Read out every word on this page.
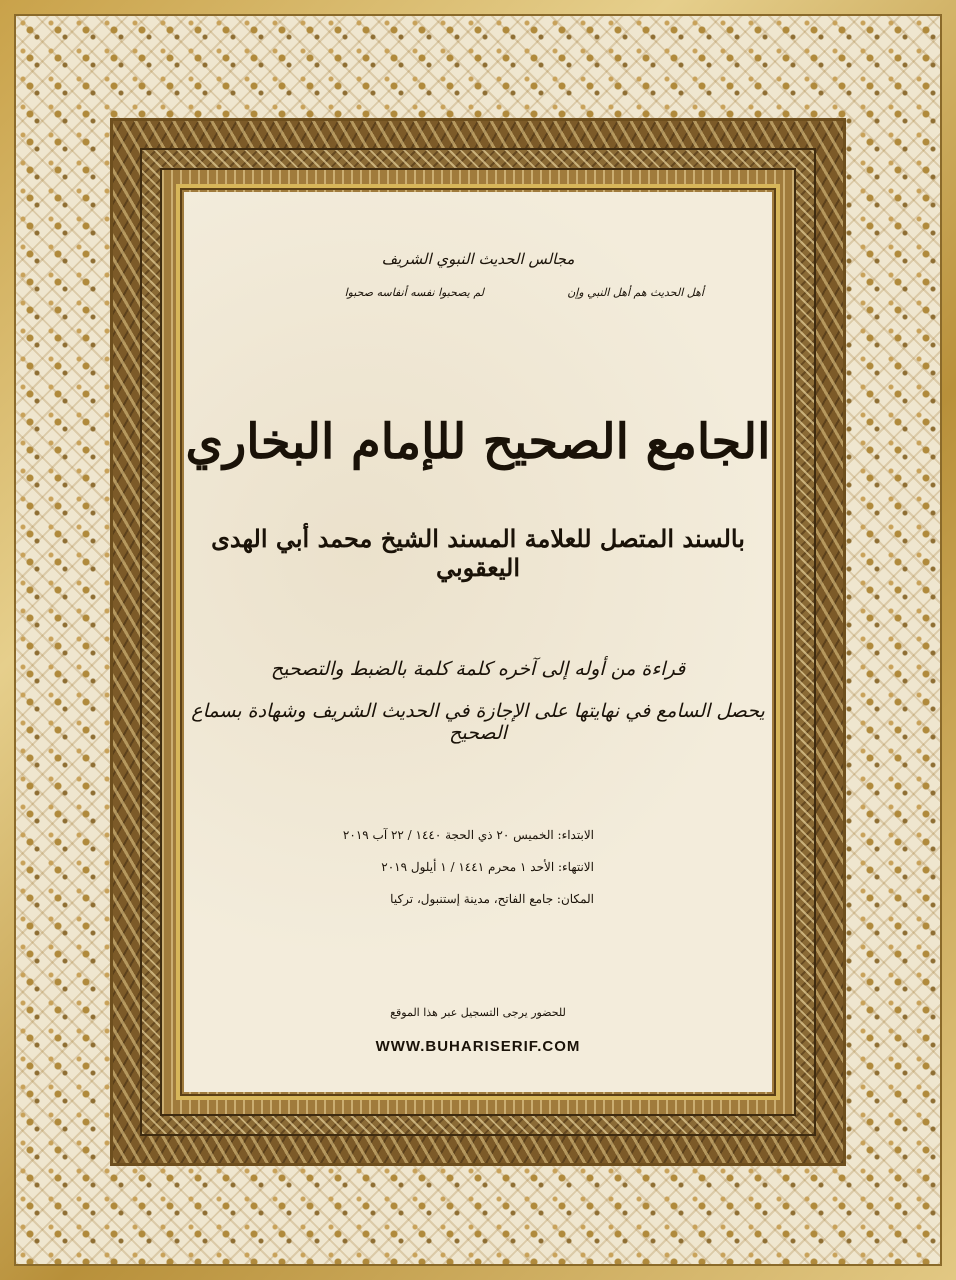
مجالس الحديث النبوي الشريف
أهل الحديث هم أهل النبي وإن
لم يصحبوا نفسه أنفاسه صحبوا
الجامع الصحيح للإمام البخاري
بالسند المتصل للعلامة المسند الشيخ محمد أبي الهدى اليعقوبي
قراءة من أوله إلى آخره كلمة كلمة بالضبط والتصحيح
يحصل السامع في نهايتها على الإجازة في الحديث الشريف وشهادة بسماع الصحيح
الابتداء: الخميس ٢٠ ذي الحجة ١٤٤٠ / ٢٢ آب ٢٠١٩
الانتهاء: الأحد ١ محرم ١٤٤١ / ١ أيلول ٢٠١٩
المكان: جامع الفاتح، مدينة إستنبول، تركيا
للحضور يرجى التسجيل عبر هذا الموقع
WWW.BUHARISERIF.COM
